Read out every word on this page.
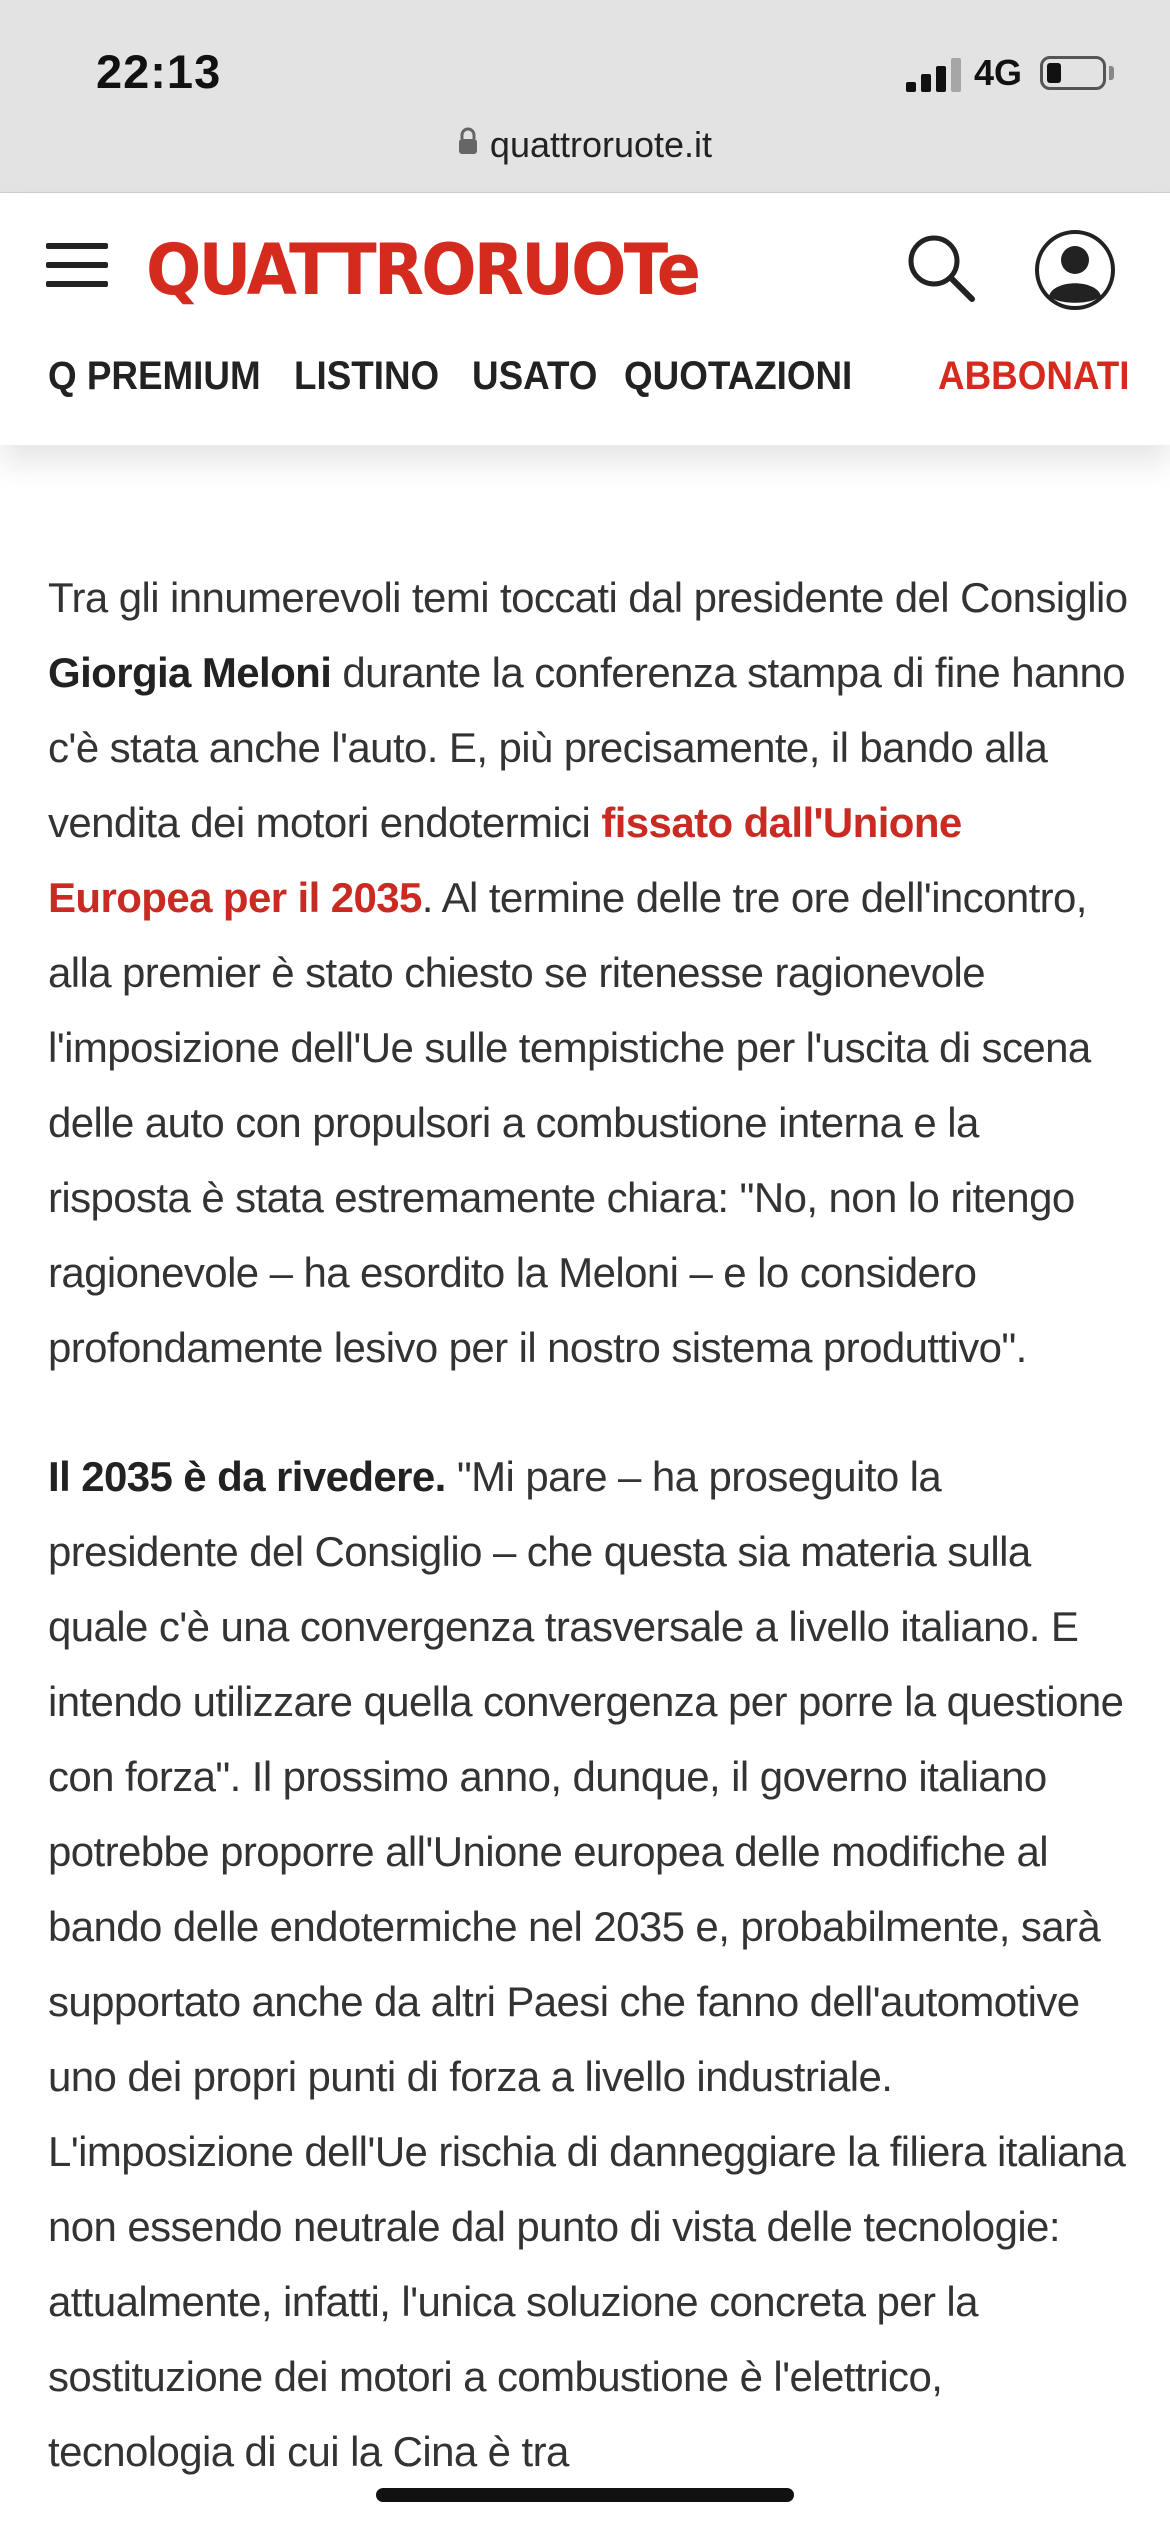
22:13	4G
quattroruote.it
QUATTRORUOTe
Q PREMIUM LISTINO USATO QUOTAZIONI ABBONATI

Tra gli innumerevoli temi toccati dal presidente del Consiglio Giorgia Meloni durante la conferenza stampa di fine hanno c'è stata anche l'auto. E, più precisamente, il bando alla vendita dei motori endotermici fissato dall'Unione Europea per il 2035. Al termine delle tre ore dell'incontro, alla premier è stato chiesto se ritenesse ragionevole l'imposizione dell'Ue sulle tempistiche per l'uscita di scena delle auto con propulsori a combustione interna e la risposta è stata estremamente chiara: "No, non lo ritengo ragionevole – ha esordito la Meloni – e lo considero profondamente lesivo per il nostro sistema produttivo".

Il 2035 è da rivedere. "Mi pare – ha proseguito la presidente del Consiglio – che questa sia materia sulla quale c'è una convergenza trasversale a livello italiano. E intendo utilizzare quella convergenza per porre la questione con forza". Il prossimo anno, dunque, il governo italiano potrebbe proporre all'Unione europea delle modifiche al bando delle endotermiche nel 2035 e, probabilmente, sarà supportato anche da altri Paesi che fanno dell'automotive uno dei propri punti di forza a livello industriale. L'imposizione dell'Ue rischia di danneggiare la filiera italiana non essendo neutrale dal punto di vista delle tecnologie: attualmente, infatti, l'unica soluzione concreta per la sostituzione dei motori a combustione è l'elettrico, tecnologia di cui la Cina è tra
